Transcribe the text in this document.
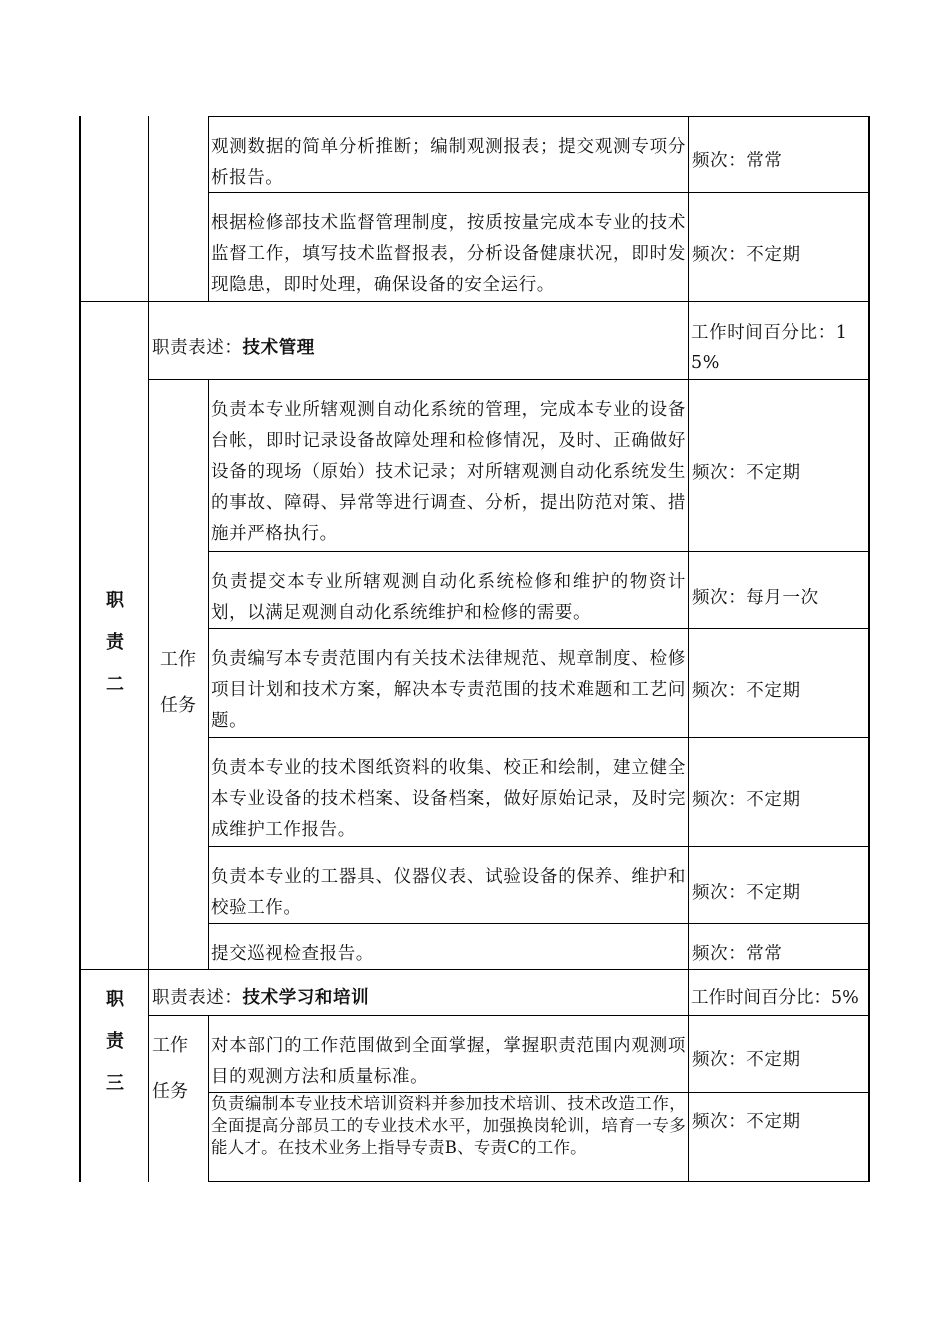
观测数据的简单分析推断；编制观测报表；提交观测专项分析报告。
频次：常常
根据检修部技术监督管理制度，按质按量完成本专业的技术监督工作，填写技术监督报表，分析设备健康状况，即时发现隐患，即时处理，确保设备的安全运行。
频次：不定期
职
责
二
职责表述：技术管理
工作时间百分比：15%
工作
任务
负责本专业所辖观测自动化系统的管理，完成本专业的设备台帐，即时记录设备故障处理和检修情况，及时、正确做好设备的现场（原始）技术记录；对所辖观测自动化系统发生的事故、障碍、异常等进行调查、分析，提出防范对策、措施并严格执行。
频次：不定期
负责提交本专业所辖观测自动化系统检修和维护的物资计划，以满足观测自动化系统维护和检修的需要。
频次：每月一次
负责编写本专责范围内有关技术法律规范、规章制度、检修项目计划和技术方案，解决本专责范围的技术难题和工艺问题。
频次：不定期
负责本专业的技术图纸资料的收集、校正和绘制，建立健全本专业设备的技术档案、设备档案，做好原始记录，及时完成维护工作报告。
频次：不定期
负责本专业的工器具、仪器仪表、试验设备的保养、维护和校验工作。
频次：不定期
提交巡视检查报告。	频次：常常
职
责
三
职责表述：技术学习和培训	工作时间百分比：5%
工作
任务
对本部门的工作范围做到全面掌握，掌握职责范围内观测项目的观测方法和质量标准。
频次：不定期
负责编制本专业技术培训资料并参加技术培训、技术改造工作，全面提高分部员工的专业技术水平，加强换岗轮训，培育一专多能人才。在技术业务上指导专责B、专责C的工作。
频次：不定期
